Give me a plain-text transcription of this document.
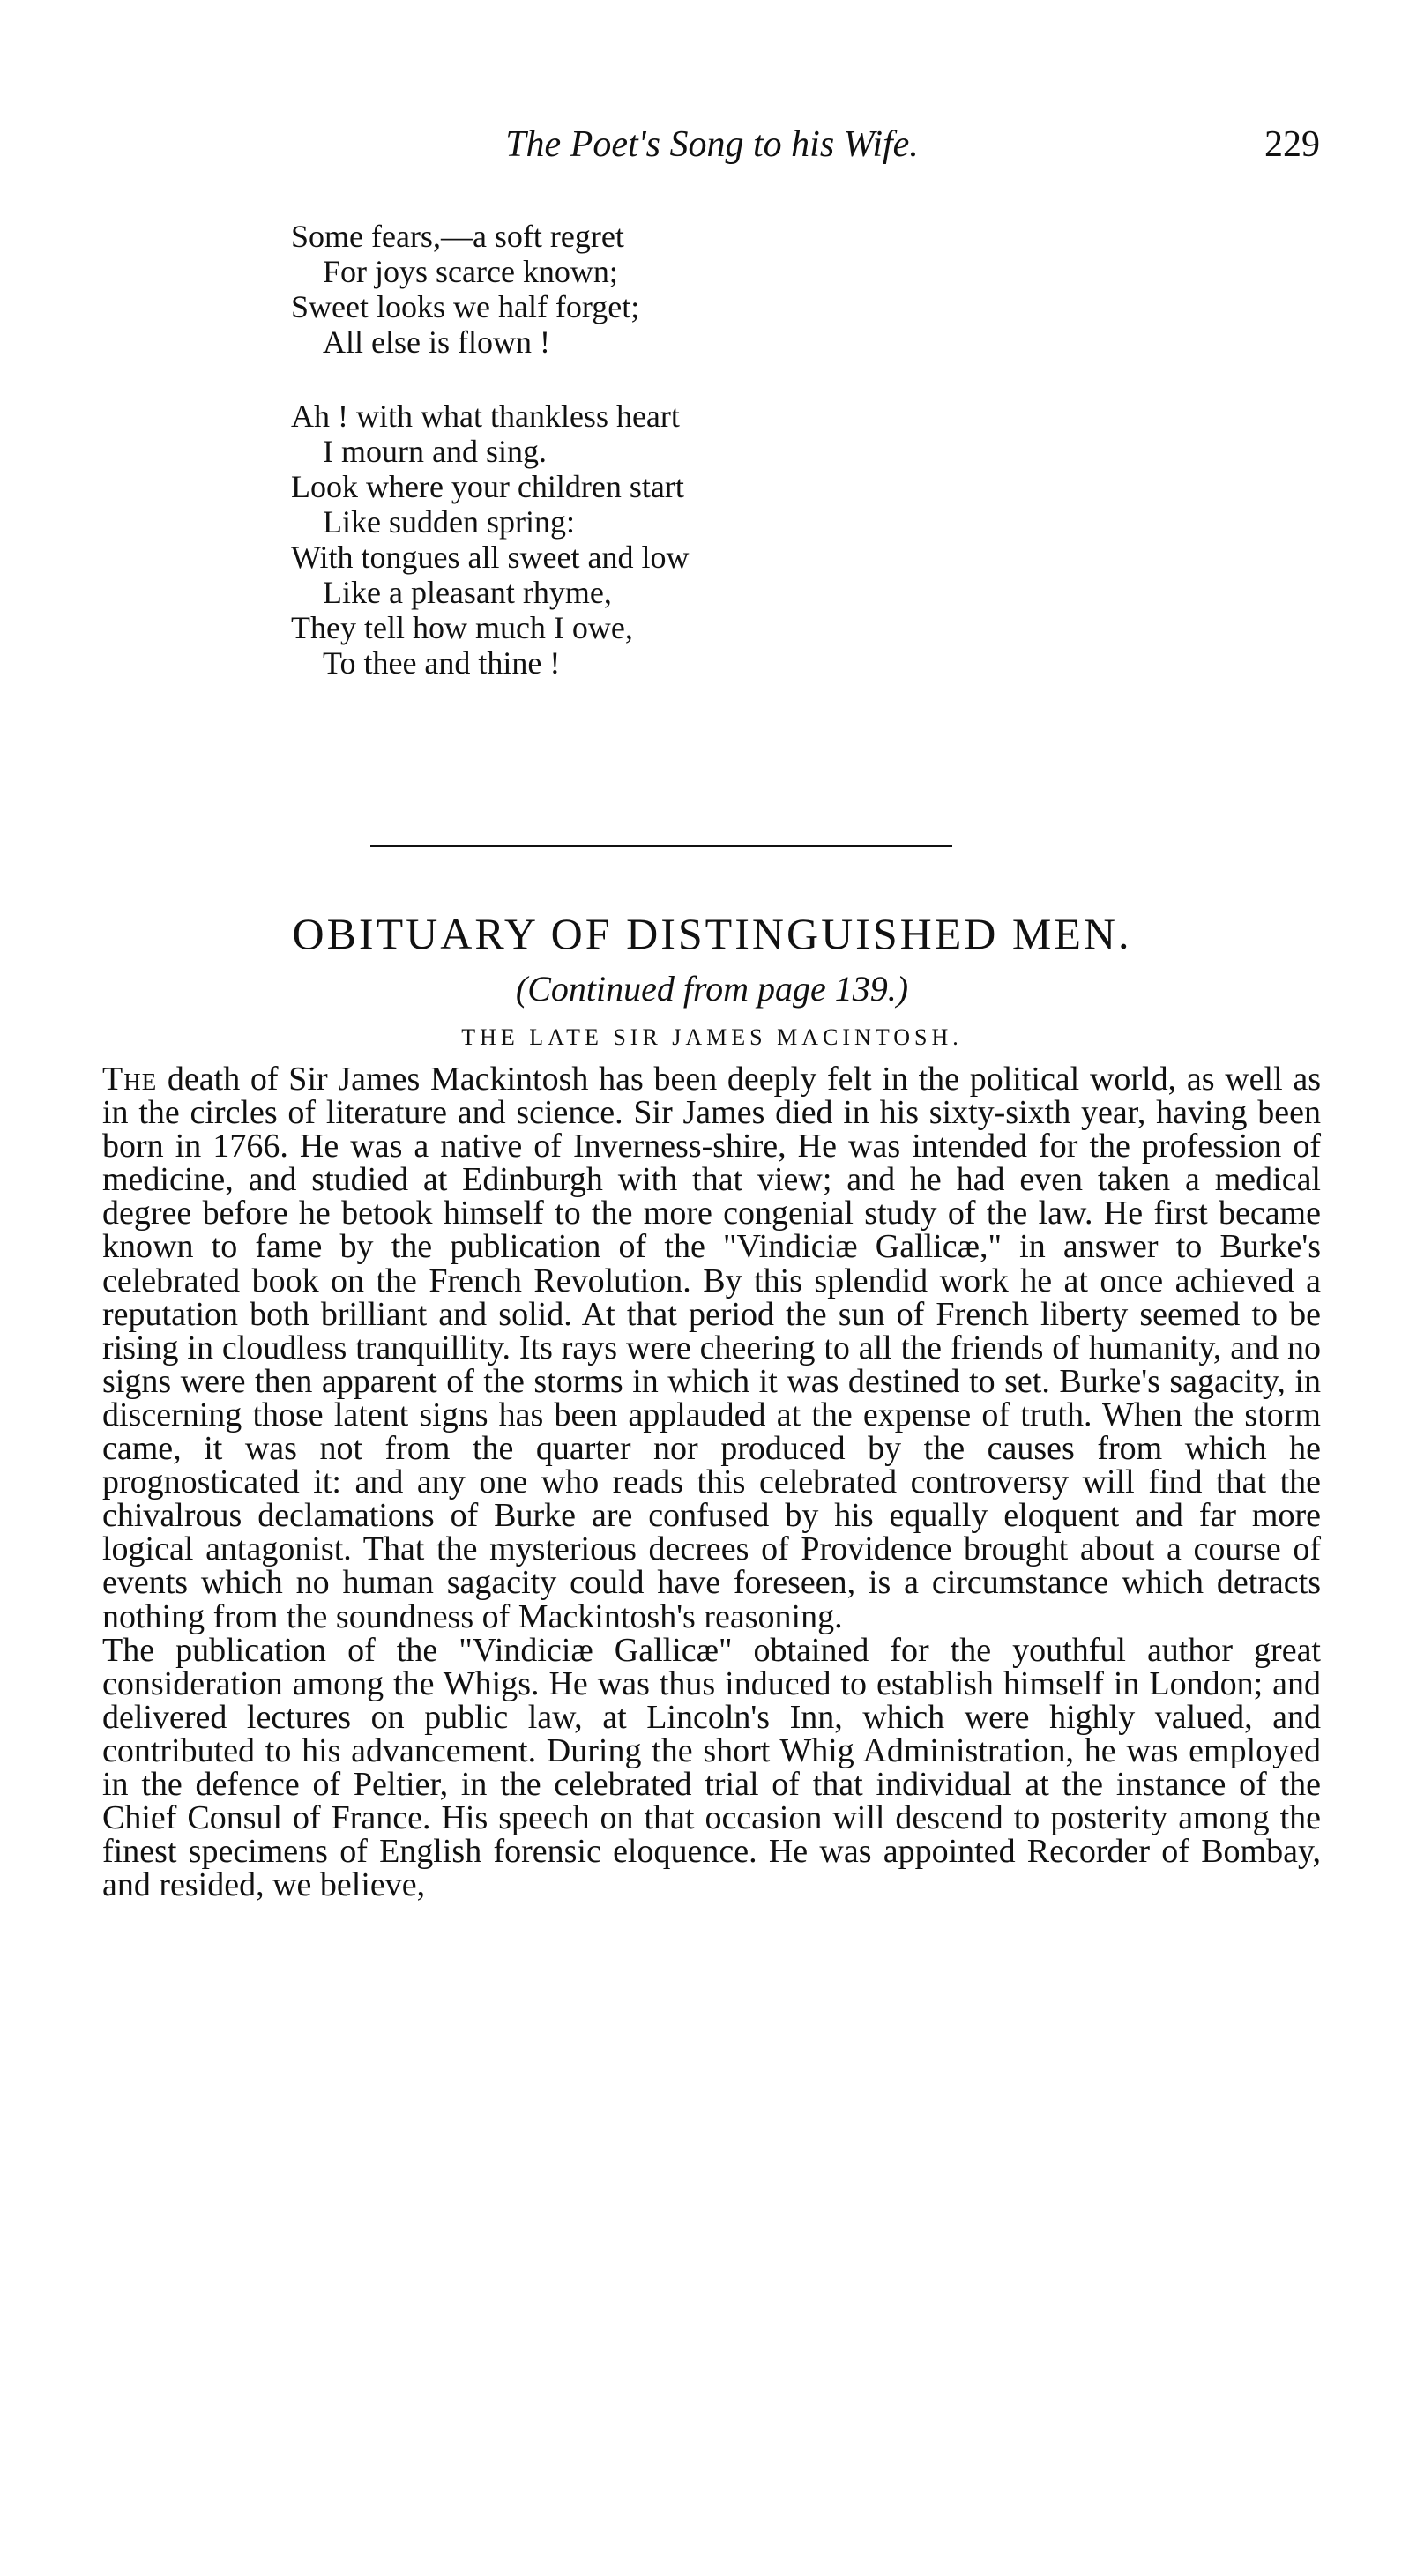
The Poet's Song to his Wife.	229
Some fears,—a soft regret
For joys scarce known;
Sweet looks we half forget;
All else is flown !
Ah ! with what thankless heart
I mourn and sing.
Look where your children start
Like sudden spring:
With tongues all sweet and low
Like a pleasant rhyme,
They tell how much I owe,
To thee and thine !
OBITUARY OF DISTINGUISHED MEN.
(Continued from page 139.)
THE LATE SIR JAMES MACINTOSH.

The death of Sir James Mackintosh has been deeply felt in the political world, as well as in the circles of literature and science. Sir James died in his sixty-sixth year, having been born in 1766. He was a native of Inverness-shire, He was intended for the profession of medicine, and studied at Edinburgh with that view; and he had even taken a medical degree before he betook himself to the more congenial study of the law. He first became known to fame by the publication of the "Vindiciæ Gallicæ," in answer to Burke's celebrated book on the French Revolution. By this splendid work he at once achieved a reputation both brilliant and solid. At that period the sun of French liberty seemed to be rising in cloudless tranquillity. Its rays were cheering to all the friends of humanity, and no signs were then apparent of the storms in which it was destined to set. Burke's sagacity, in discerning those latent signs has been applauded at the expense of truth. When the storm came, it was not from the quarter nor produced by the causes from which he prognosticated it: and any one who reads this celebrated controversy will find that the chivalrous declamations of Burke are confused by his equally eloquent and far more logical antagonist. That the mysterious decrees of Providence brought about a course of events which no human sagacity could have foreseen, is a circumstance which detracts nothing from the soundness of Mackintosh's reasoning.

The publication of the "Vindiciæ Gallicæ" obtained for the youthful author great consideration among the Whigs. He was thus induced to establish himself in London; and delivered lectures on public law, at Lincoln's Inn, which were highly valued, and contributed to his advancement. During the short Whig Administration, he was employed in the defence of Peltier, in the celebrated trial of that individual at the instance of the Chief Consul of France. His speech on that occasion will descend to posterity among the finest specimens of English forensic eloquence. He was appointed Recorder of Bombay, and resided, we believe,
